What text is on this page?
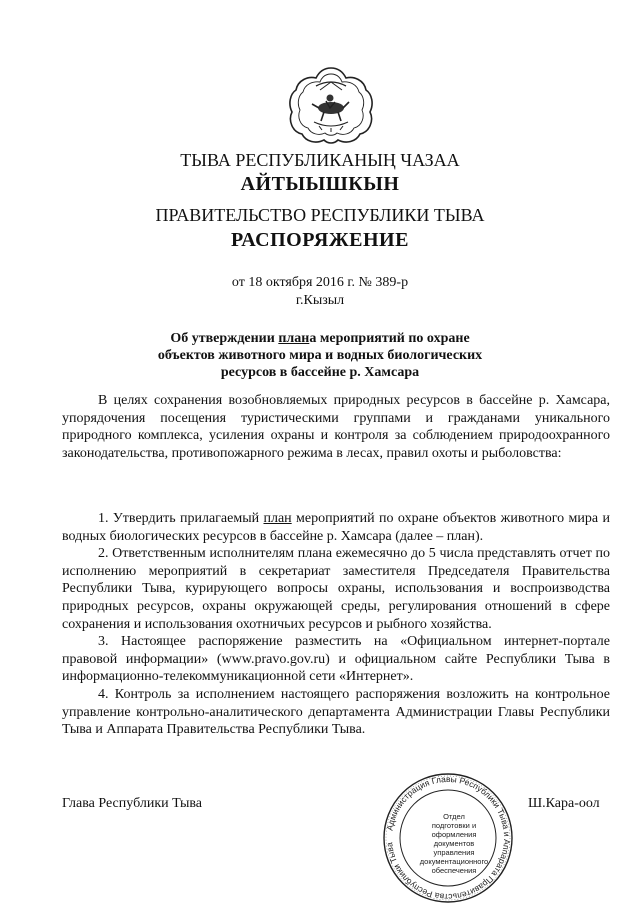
ТЫВА РЕСПУБЛИКАНЫҢ ЧАЗАА
АЙТЫЫШКЫН
ПРАВИТЕЛЬСТВО РЕСПУБЛИКИ ТЫВА
РАСПОРЯЖЕНИЕ
от 18 октября 2016 г. № 389-р
г.Кызыл
Об утверждении плана мероприятий по охране
объектов животного мира и водных биологических
ресурсов в бассейне р. Хамсара

В целях сохранения возобновляемых природных ресурсов в бассейне р. Хамсара, упорядочения посещения туристическими группами и гражданами уникального природного комплекса, усиления охраны и контроля за соблюдением природоохранного законодательства, противопожарного режима в лесах, правил охоты и рыболовства:

1. Утвердить прилагаемый план мероприятий по охране объектов животного мира и водных биологических ресурсов в бассейне р. Хамсара (далее – план).

2. Ответственным исполнителям плана ежемесячно до 5 числа представлять отчет по исполнению мероприятий в секретариат заместителя Председателя Правительства Республики Тыва, курирующего вопросы охраны, использования и воспроизводства природных ресурсов, охраны окружающей среды, регулирования отношений в сфере сохранения и использования охотничьих ресурсов и рыбного хозяйства.

3. Настоящее распоряжение разместить на «Официальном интернет-портале правовой информации» (www.pravo.gov.ru) и официальном сайте Республики Тыва в информационно-телекоммуникационной сети «Интернет».

4. Контроль за исполнением настоящего распоряжения возложить на контрольное управление контрольно-аналитического департамента Администрации Главы Республики Тыва и Аппарата Правительства Республики Тыва.

Глава Республики Тыва	Ш.Кара-оол
Администрация Главы Республики Тыва и Аппарата Правительства Республики Тыва
Отдел
подготовки и
оформления документов
управления
документационного
обеспечения
